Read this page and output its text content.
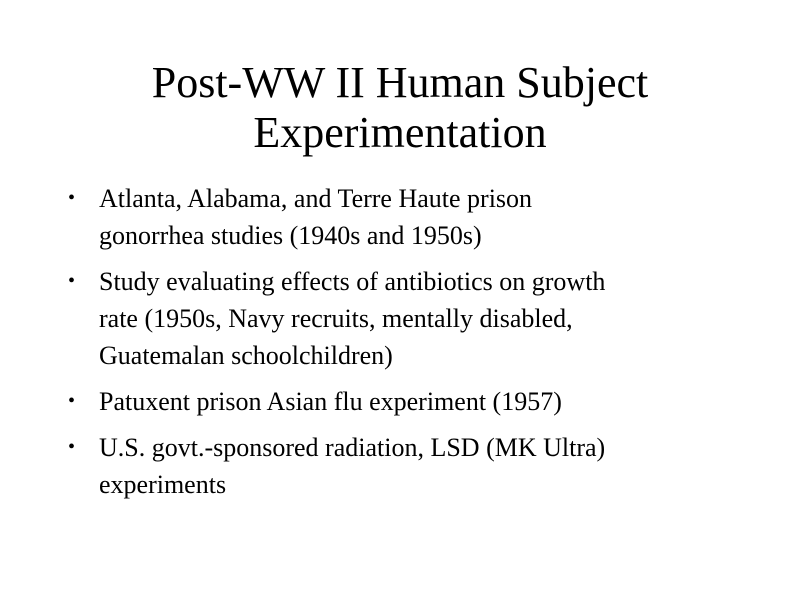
Post-WW II Human Subject
Experimentation
• Atlanta, Alabama, and Terre Haute prison
gonorrhea studies (1940s and 1950s)
• Study evaluating effects of antibiotics on growth
rate (1950s, Navy recruits, mentally disabled,
Guatemalan schoolchildren)
• Patuxent prison Asian flu experiment (1957)
• U.S. govt.-sponsored radiation, LSD (MK Ultra)
experiments
